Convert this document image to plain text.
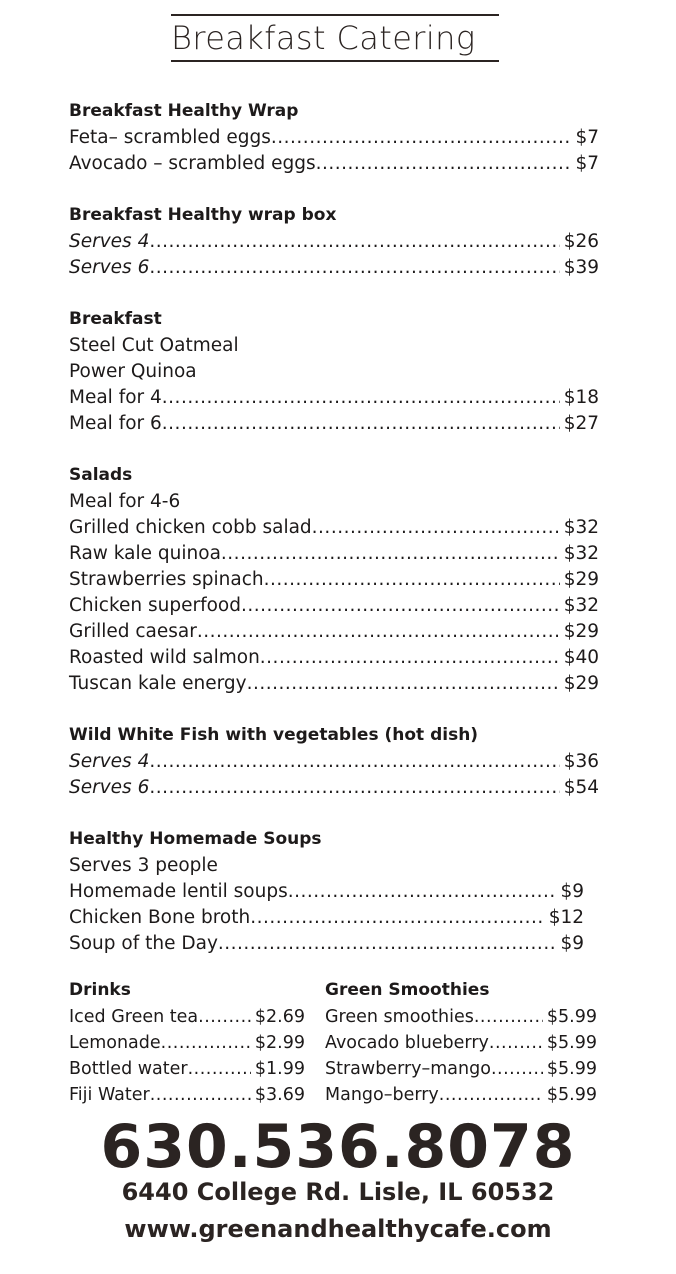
Breakfast Catering
Breakfast Healthy Wrap
Feta– scrambled eggs .....	$7
Avocado – scrambled eggs .....	$7
Breakfast Healthy wrap box
Serves 4 .....	$26
Serves 6 .....	$39
Breakfast
Steel Cut Oatmeal
Power Quinoa
Meal for 4 .....	$18
Meal for 6 .....	$27
Salads
Meal for 4-6
Grilled chicken cobb salad .....	$32
Raw kale quinoa .....	$32
Strawberries spinach .....	$29
Chicken superfood .....	$32
Grilled caesar .....	$29
Roasted wild salmon .....	$40
Tuscan kale energy .....	$29
Wild White Fish with vegetables (hot dish)
Serves 4 .....	$36
Serves 6 .....	$54
Healthy Homemade Soups
Serves 3 people
Homemade lentil soups .....	$9
Chicken Bone broth .....	$12
Soup of the Day .....	$9
Drinks
Iced Green tea .....	$2.69
Lemonade .....	$2.99
Bottled water .....	$1.99
Fiji Water .....	$3.69
Green Smoothies
Green smoothies .....	$5.99
Avocado blueberry .....	$5.99
Strawberry–mango .....	$5.99
Mango–berry .....	$5.99
630.536.8078
6440 College Rd. Lisle, IL 60532
www.greenandhealthycafe.com
